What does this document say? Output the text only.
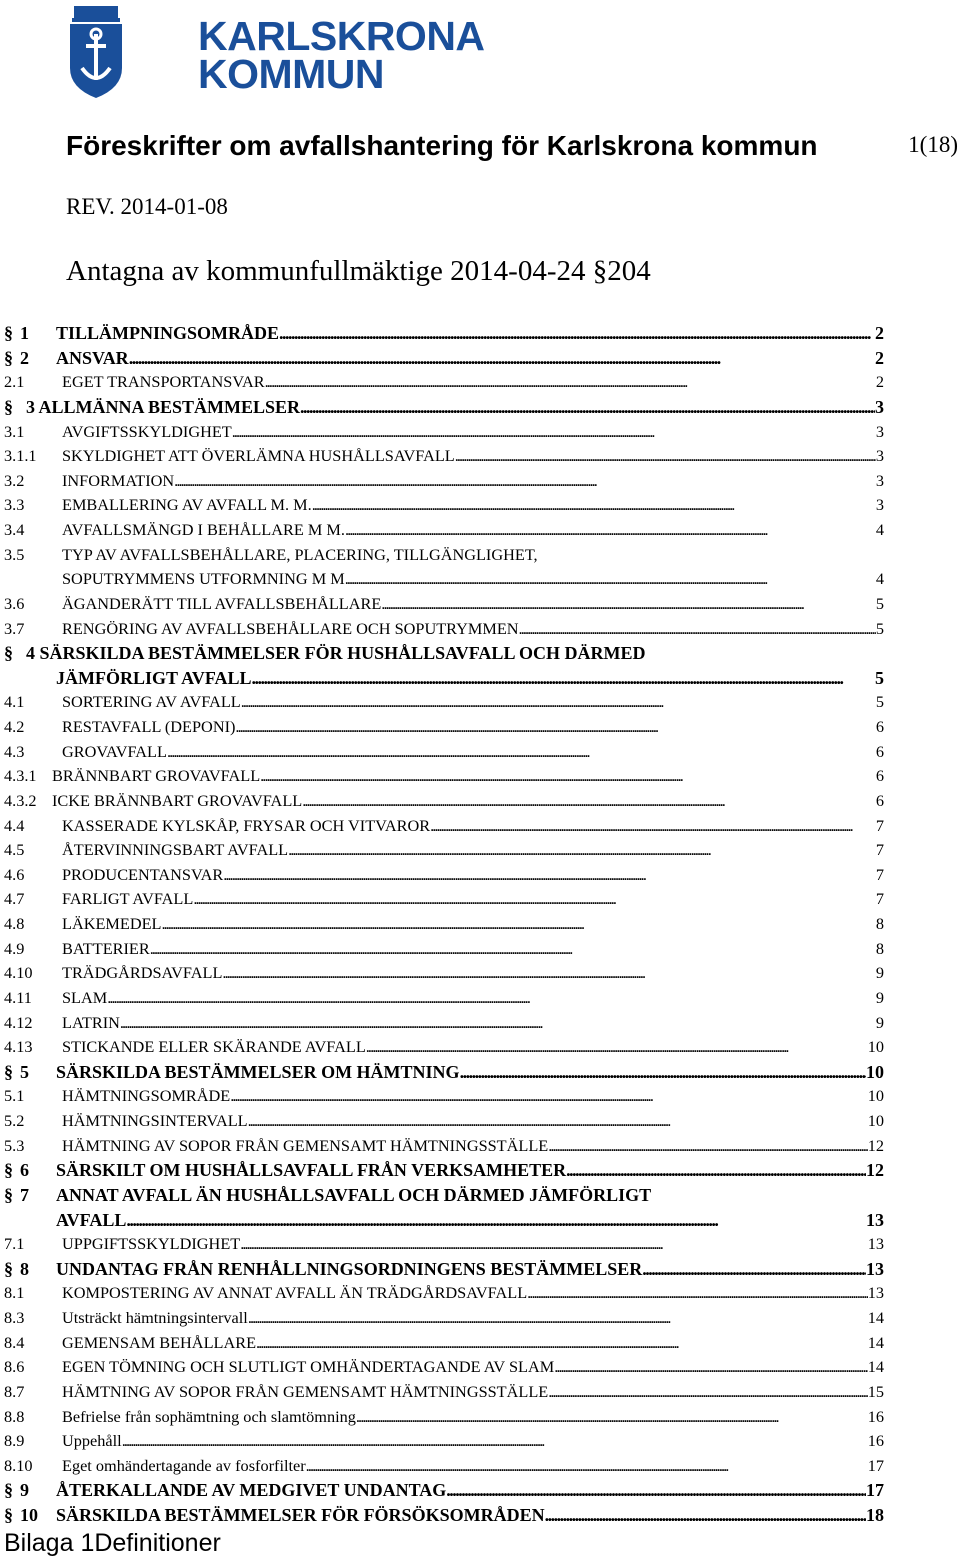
KARLSKRONA
KOMMUN
Föreskrifter om avfallshantering för Karlskrona kommun	1(18)
REV. 2014-01-08
Antagna av kommunfullmäktige 2014-04-24 §204
§ 1 TILLÄMPNINGSOMRÅDE . . .	2
§ 2 ANSVAR . . .	2
2.1 EGET TRANSPORTANSVAR . . .	2
§ 3 ALLMÄNNA BESTÄMMELSER . . .	3
3.1 AVGIFTSSKYLDIGHET . . .	3
3.1.1 SKYLDIGHET ATT ÖVERLÄMNA HUSHÅLLSAVFALL . . .	3
3.2 INFORMATION . . .	3
3.3 EMBALLERING AV AVFALL M. M. . . .	3
3.4 AVFALLSMÄNGD I BEHÅLLARE M M. . . .	4
3.5 TYP AV AVFALLSBEHÅLLARE, PLACERING, TILLGÄNGLIGHET,
SOPUTRYMMENS UTFORMNING M M . . .	4
3.6 ÄGANDERÄTT TILL AVFALLSBEHÅLLARE . . .	5
3.7 RENGÖRING AV AVFALLSBEHÅLLARE OCH SOPUTRYMMEN . . .	5
§ 4 SÄRSKILDA BESTÄMMELSER FÖR HUSHÅLLSAVFALL OCH DÄRMED
JÄMFÖRLIGT AVFALL . . .	5
4.1 SORTERING AV AVFALL . . .	5
4.2 RESTAVFALL (DEPONI) . . .	6
4.3 GROVAVFALL . . .	6
4.3.1 BRÄNNBART GROVAVFALL . . .	6
4.3.2 ICKE BRÄNNBART GROVAVFALL . . .	6
4.4 KASSERADE KYLSKÅP, FRYSAR OCH VITVAROR . . .	7
4.5 ÅTERVINNINGSBART AVFALL . . .	7
4.6 PRODUCENTANSVAR . . .	7
4.7 FARLIGT AVFALL . . .	7
4.8 LÄKEMEDEL . . .	8
4.9 BATTERIER . . .	8
4.10 TRÄDGÅRDSAVFALL . . .	9
4.11 SLAM . . .	9
4.12 LATRIN . . .	9
4.13 STICKANDE ELLER SKÄRANDE AVFALL . . .	10
§ 5 SÄRSKILDA BESTÄMMELSER OM HÄMTNING . . .	10
5.1 HÄMTNINGSOMRÅDE . . .	10
5.2 HÄMTNINGSINTERVALL . . .	10
5.3 HÄMTNING AV SOPOR FRÅN GEMENSAMT HÄMTNINGSSTÄLLE . . .	12
§ 6 SÄRSKILT OM HUSHÅLLSAVFALL FRÅN VERKSAMHETER . . .	12
§ 7 ANNAT AVFALL ÄN HUSHÅLLSAVFALL OCH DÄRMED JÄMFÖRLIGT
AVFALL . . .	13
7.1 UPPGIFTSSKYLDIGHET . . .	13
§ 8 UNDANTAG FRÅN RENHÅLLNINGSORDNINGENS BESTÄMMELSER . . .	13
8.1 KOMPOSTERING AV ANNAT AVFALL ÄN TRÄDGÅRDSAVFALL . . .	13
8.3 Utsträckt hämtningsintervall . . .	14
8.4 GEMENSAM BEHÅLLARE . . .	14
8.6 EGEN TÖMNING OCH SLUTLIGT OMHÄNDERTAGANDE AV SLAM . . .	14
8.7 HÄMTNING AV SOPOR FRÅN GEMENSAMT HÄMTNINGSSTÄLLE . . .	15
8.8 Befrielse från sophämtning och slamtömning . . .	16
8.9 Uppehåll . . .	16
8.10 Eget omhändertagande av fosforfilter . . .	17
§ 9 ÅTERKALLANDE AV MEDGIVET UNDANTAG . . .	17
§ 10 SÄRSKILDA BESTÄMMELSER FÖR FÖRSÖKSOMRÅDEN . . .	18
Bilaga 1Definitioner
